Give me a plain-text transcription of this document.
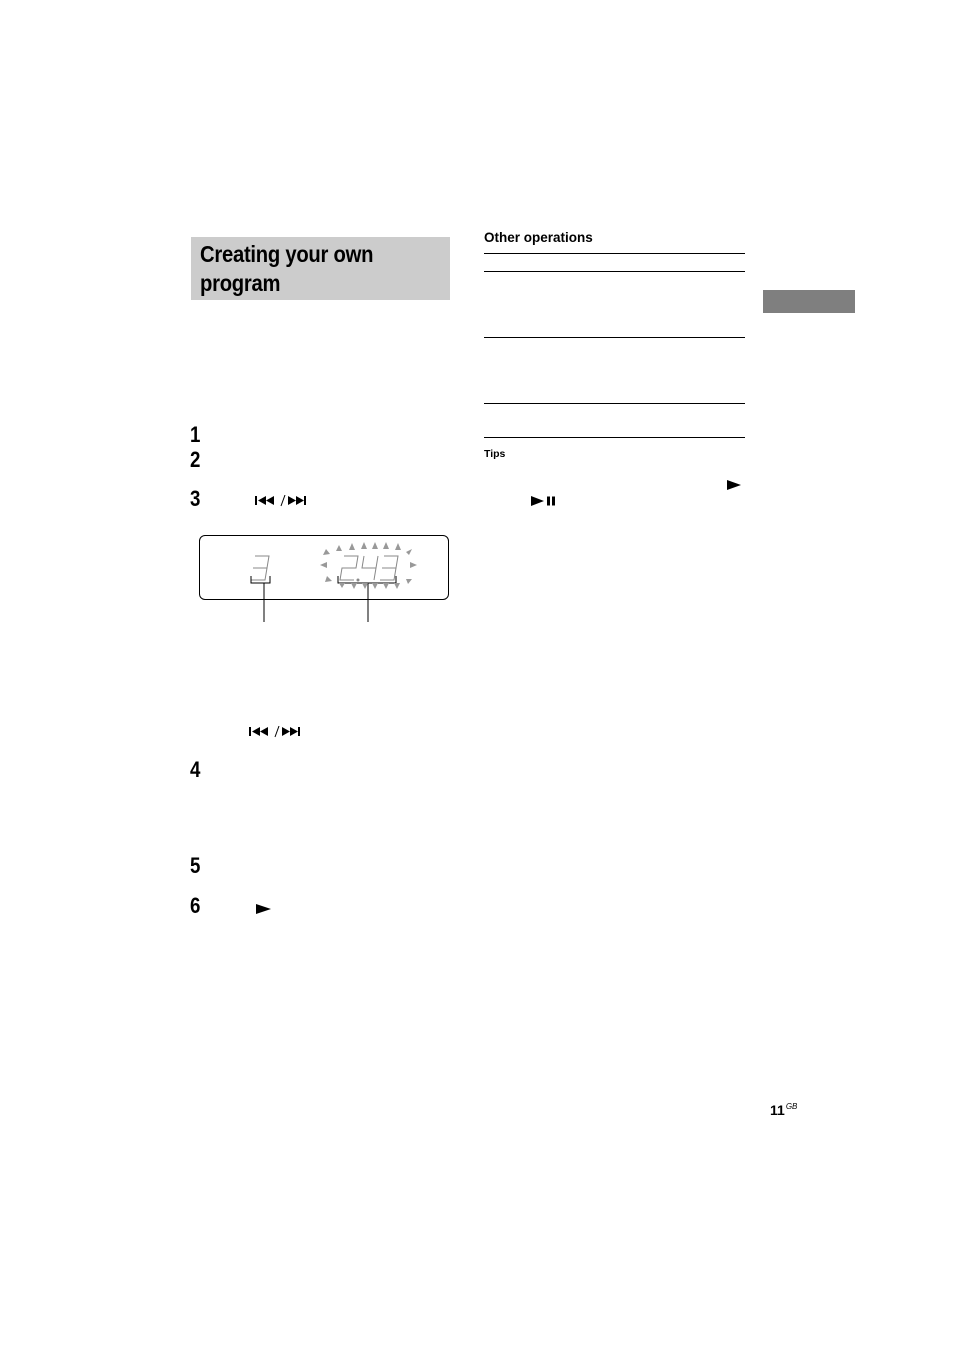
Creating your own program
1
2
3
4
5
6
Other operations
Tips
$11^{GB}$
